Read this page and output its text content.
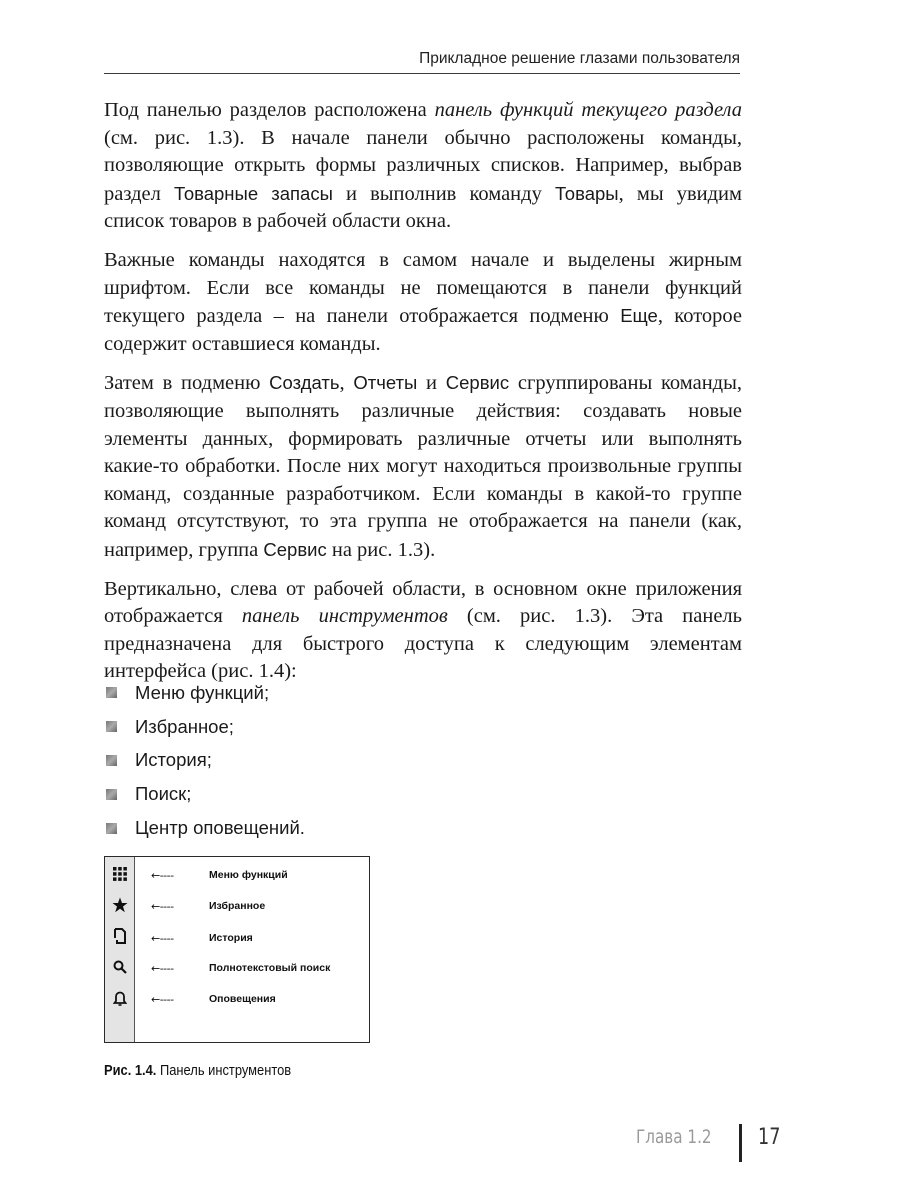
Прикладное решение глазами пользователя

Под панелью разделов расположена панель функций текущего раздела (см. рис. 1.3). В начале панели обычно расположены команды, позволяющие открыть формы различных списков. Например, выбрав раздел Товарные запасы и выполнив команду Товары, мы увидим список товаров в рабочей области окна.

Важные команды находятся в самом начале и выделены жирным шрифтом. Если все команды не помещаются в панели функций текущего раздела – на панели отображается подменю Еще, которое содержит оставшиеся команды.

Затем в подменю Создать, Отчеты и Сервис сгруппированы команды, позволяющие выполнять различные действия: создавать новые элементы данных, формировать различные отчеты или выполнять какие-то обработки. После них могут находиться произвольные группы команд, созданные разработчиком. Если команды в какой-то группе команд отсутствуют, то эта группа не отображается на панели (как, например, группа Сервис на рис. 1.3).

Вертикально, слева от рабочей области, в основном окне приложения отображается панель инструментов (см. рис. 1.3). Эта панель предназначена для быстрого доступа к следующим элементам интерфейса (рис. 1.4):

Меню функций;
Избранное;
История;
Поиск;
Центр оповещений.
←----	Меню функций
←----	Избранное
←----	История
←----	Полнотекстовый поиск
←----	Оповещения
Рис. 1.4. Панель инструментов
Глава 1.2 17
